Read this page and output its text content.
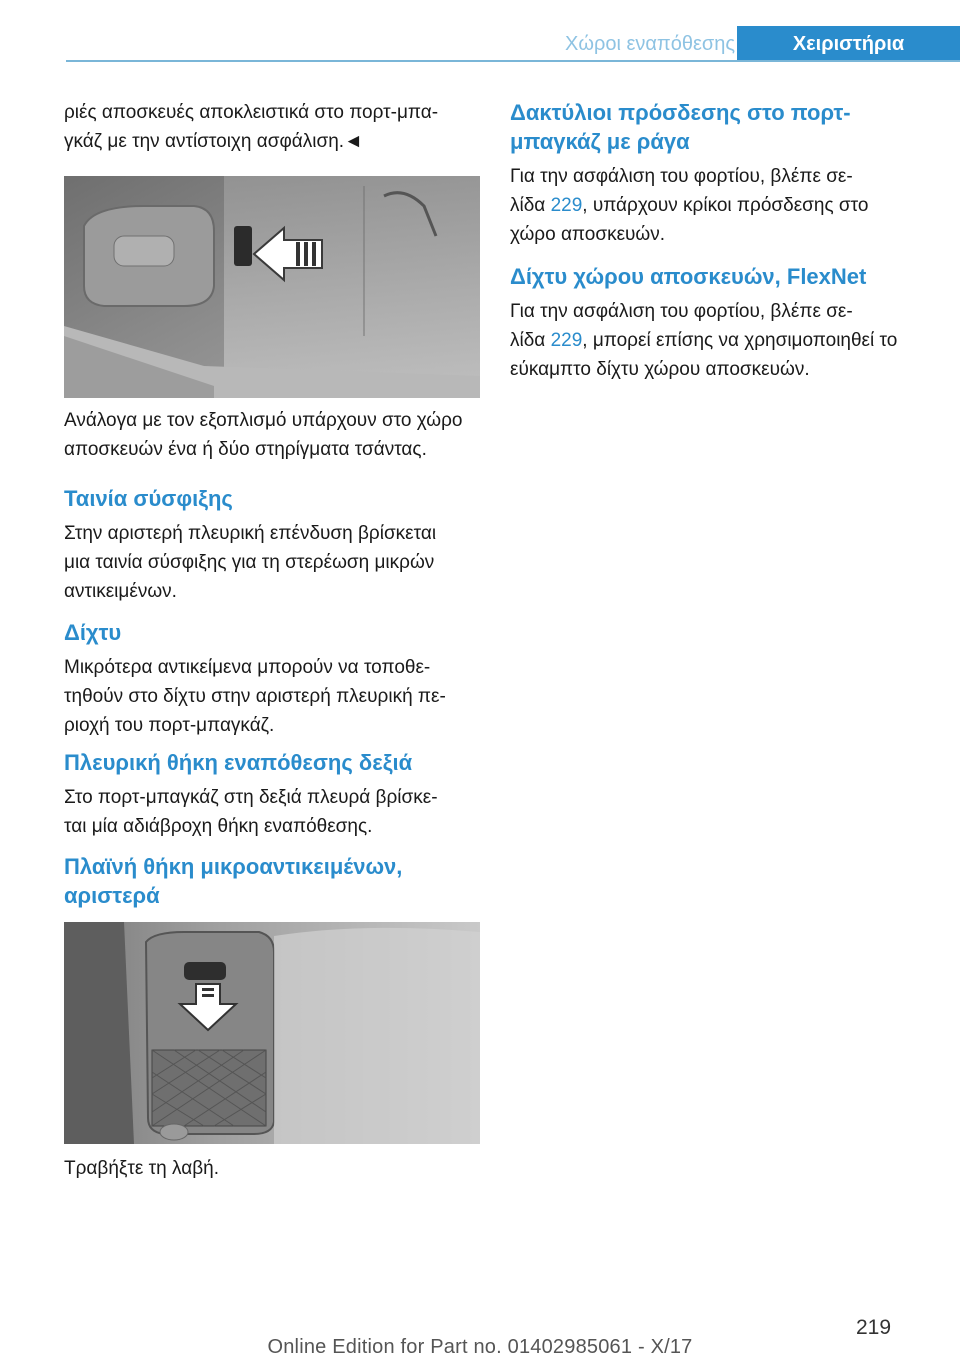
Χώροι εναπόθεσης	Χειριστήρια

ριές αποσκευές αποκλειστικά στο πορτ-μπα-

γκάζ με την αντίστοιχη ασφάλιση.◄

Ανάλογα με τον εξοπλισμό υπάρχουν στο χώρο

αποσκευών ένα ή δύο στηρίγματα τσάντας.

Ταινία σύσφιξης

Στην αριστερή πλευρική επένδυση βρίσκεται

μια ταινία σύσφιξης για τη στερέωση μικρών

αντικειμένων.

Δίχτυ

Μικρότερα αντικείμενα μπορούν να τοποθε-

τηθούν στο δίχτυ στην αριστερή πλευρική πε-

ριοχή του πορτ-μπαγκάζ.

Πλευρική θήκη εναπόθεσης δεξιά

Στο πορτ-μπαγκάζ στη δεξιά πλευρά βρίσκε-

ται μία αδιάβροχη θήκη εναπόθεσης.

Πλαϊνή θήκη μικροαντικειμένων,
αριστερά

Τραβήξτε τη λαβή.

Δακτύλιοι πρόσδεσης στο πορτ-
μπαγκάζ με ράγα

Για την ασφάλιση του φορτίου, βλέπε σε-

λίδα 229, υπάρχουν κρίκοι πρόσδεσης στο

χώρο αποσκευών.

Δίχτυ χώρου αποσκευών, FlexNet

Για την ασφάλιση του φορτίου, βλέπε σε-

λίδα 229, μπορεί επίσης να χρησιμοποιηθεί το

εύκαμπτο δίχτυ χώρου αποσκευών.

219
Online Edition for Part no. 01402985061 - X/17
